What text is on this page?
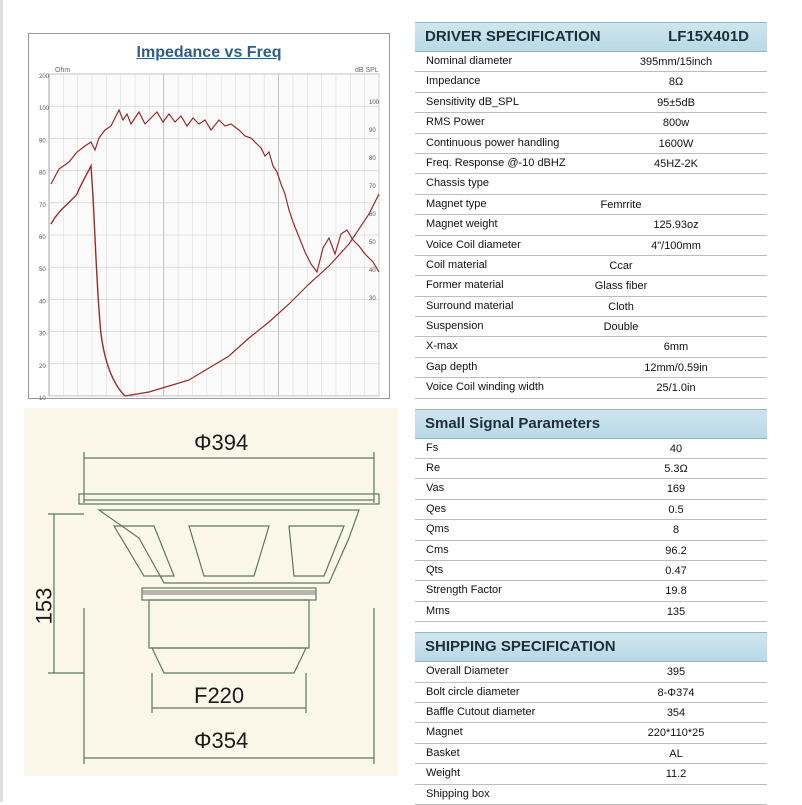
200
100
90
80
70
60
50
40
30
20
10
100
90
80
70
60
50
40
30
Impedance vs Freq
Ohm	dB SPL
Φ394
153
F220
Φ354
DRIVER SPECIFICATION	LF15X401D
Nominal diameter	395mm/15inch
Impedance	8Ω
Sensitivity dB_SPL	95±5dB
RMS Power	800w
Continuous power handling	1600W
Freq. Response @-10 dBHZ	45HZ-2K
Chassis type
Magnet type	Femrrite
Magnet weight	125.93oz
Voice Coil diameter	4"/100mm
Coil material	Ccar
Former material	Glass fiber
Surround material	Cloth
Suspension	Double
X-max	6mm
Gap depth	12mm/0.59in
Voice Coil winding width	25/1.0in
Small Signal Parameters
Fs	40
Re	5.3Ω
Vas	169
Qes	0.5
Qms	8
Cms	96.2
Qts	0.47
Strength Factor	19.8
Mms	135
SHIPPING SPECIFICATION
Overall Diameter	395
Bolt circle diameter	8-Φ374
Baffle Cutout diameter	354
Magnet	220*110*25
Basket	AL
Weight	11.2
Shipping box
